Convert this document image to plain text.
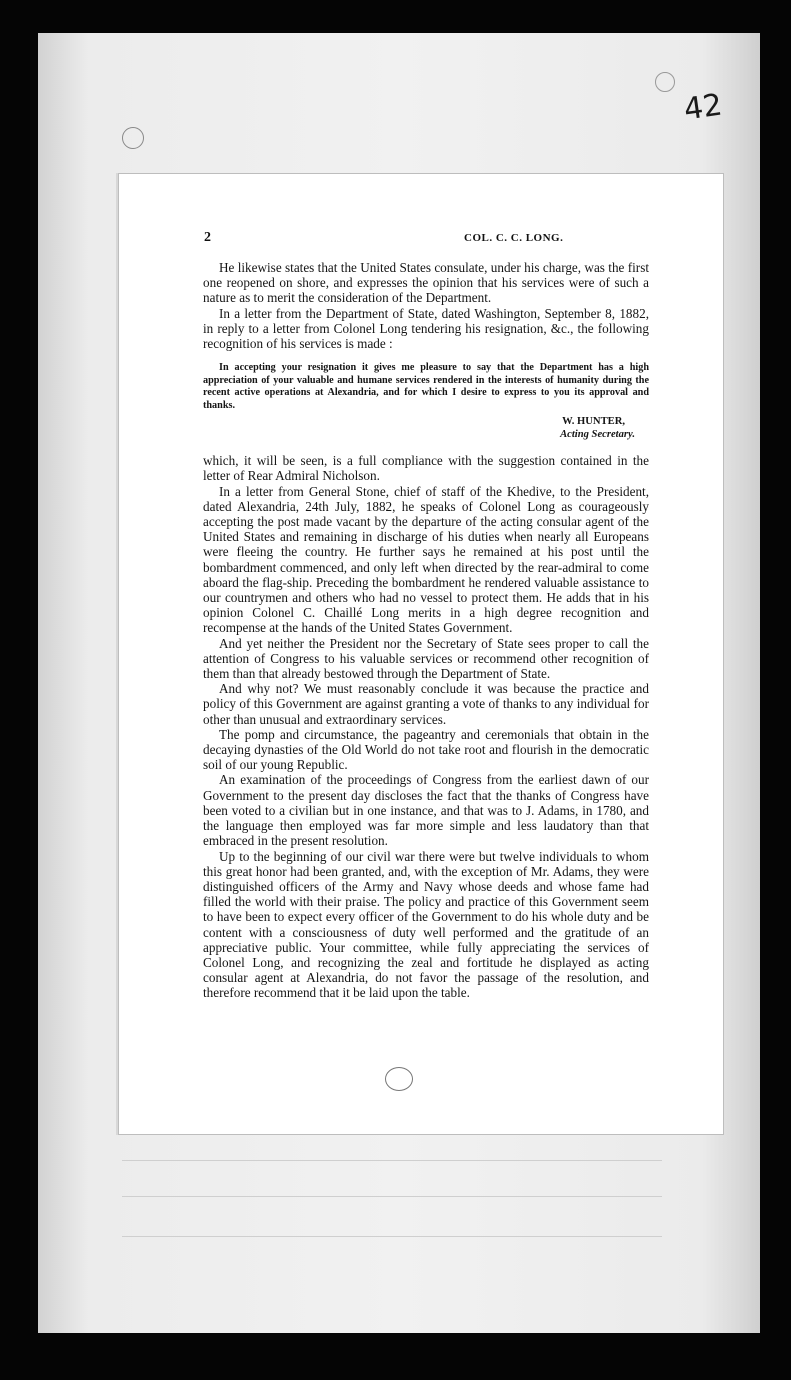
42
2	COL. C. C. LONG.

He likewise states that the United States consulate, under his charge, was the first one reopened on shore, and expresses the opinion that his services were of such a nature as to merit the consideration of the Department.

In a letter from the Department of State, dated Washington, September 8, 1882, in reply to a letter from Colonel Long tendering his resignation, &c., the following recognition of his services is made :

In accepting your resignation it gives me pleasure to say that the Department has a high appreciation of your valuable and humane services rendered in the interests of humanity during the recent active operations at Alexandria, and for which I desire to express to you its approval and thanks.
W. HUNTER,
Acting Secretary.

which, it will be seen, is a full compliance with the suggestion contained in the letter of Rear Admiral Nicholson.

In a letter from General Stone, chief of staff of the Khedive, to the President, dated Alexandria, 24th July, 1882, he speaks of Colonel Long as courageously accepting the post made vacant by the departure of the acting consular agent of the United States and remaining in discharge of his duties when nearly all Europeans were fleeing the country. He further says he remained at his post until the bombardment commenced, and only left when directed by the rear-admiral to come aboard the flag-ship. Preceding the bombardment he rendered valuable assistance to our countrymen and others who had no vessel to protect them. He adds that in his opinion Colonel C. Chaillé Long merits in a high degree recognition and recompense at the hands of the United States Government.

And yet neither the President nor the Secretary of State sees proper to call the attention of Congress to his valuable services or recommend other recognition of them than that already bestowed through the Department of State.

And why not? We must reasonably conclude it was because the practice and policy of this Government are against granting a vote of thanks to any individual for other than unusual and extraordinary services.

The pomp and circumstance, the pageantry and ceremonials that obtain in the decaying dynasties of the Old World do not take root and flourish in the democratic soil of our young Republic.

An examination of the proceedings of Congress from the earliest dawn of our Government to the present day discloses the fact that the thanks of Congress have been voted to a civilian but in one instance, and that was to J. Adams, in 1780, and the language then employed was far more simple and less laudatory than that embraced in the present resolution.

Up to the beginning of our civil war there were but twelve individuals to whom this great honor had been granted, and, with the exception of Mr. Adams, they were distinguished officers of the Army and Navy whose deeds and whose fame had filled the world with their praise. The policy and practice of this Government seem to have been to expect every officer of the Government to do his whole duty and be content with a consciousness of duty well performed and the gratitude of an appreciative public. Your committee, while fully appreciating the services of Colonel Long, and recognizing the zeal and fortitude he displayed as acting consular agent at Alexandria, do not favor the passage of the resolution, and therefore recommend that it be laid upon the table.
